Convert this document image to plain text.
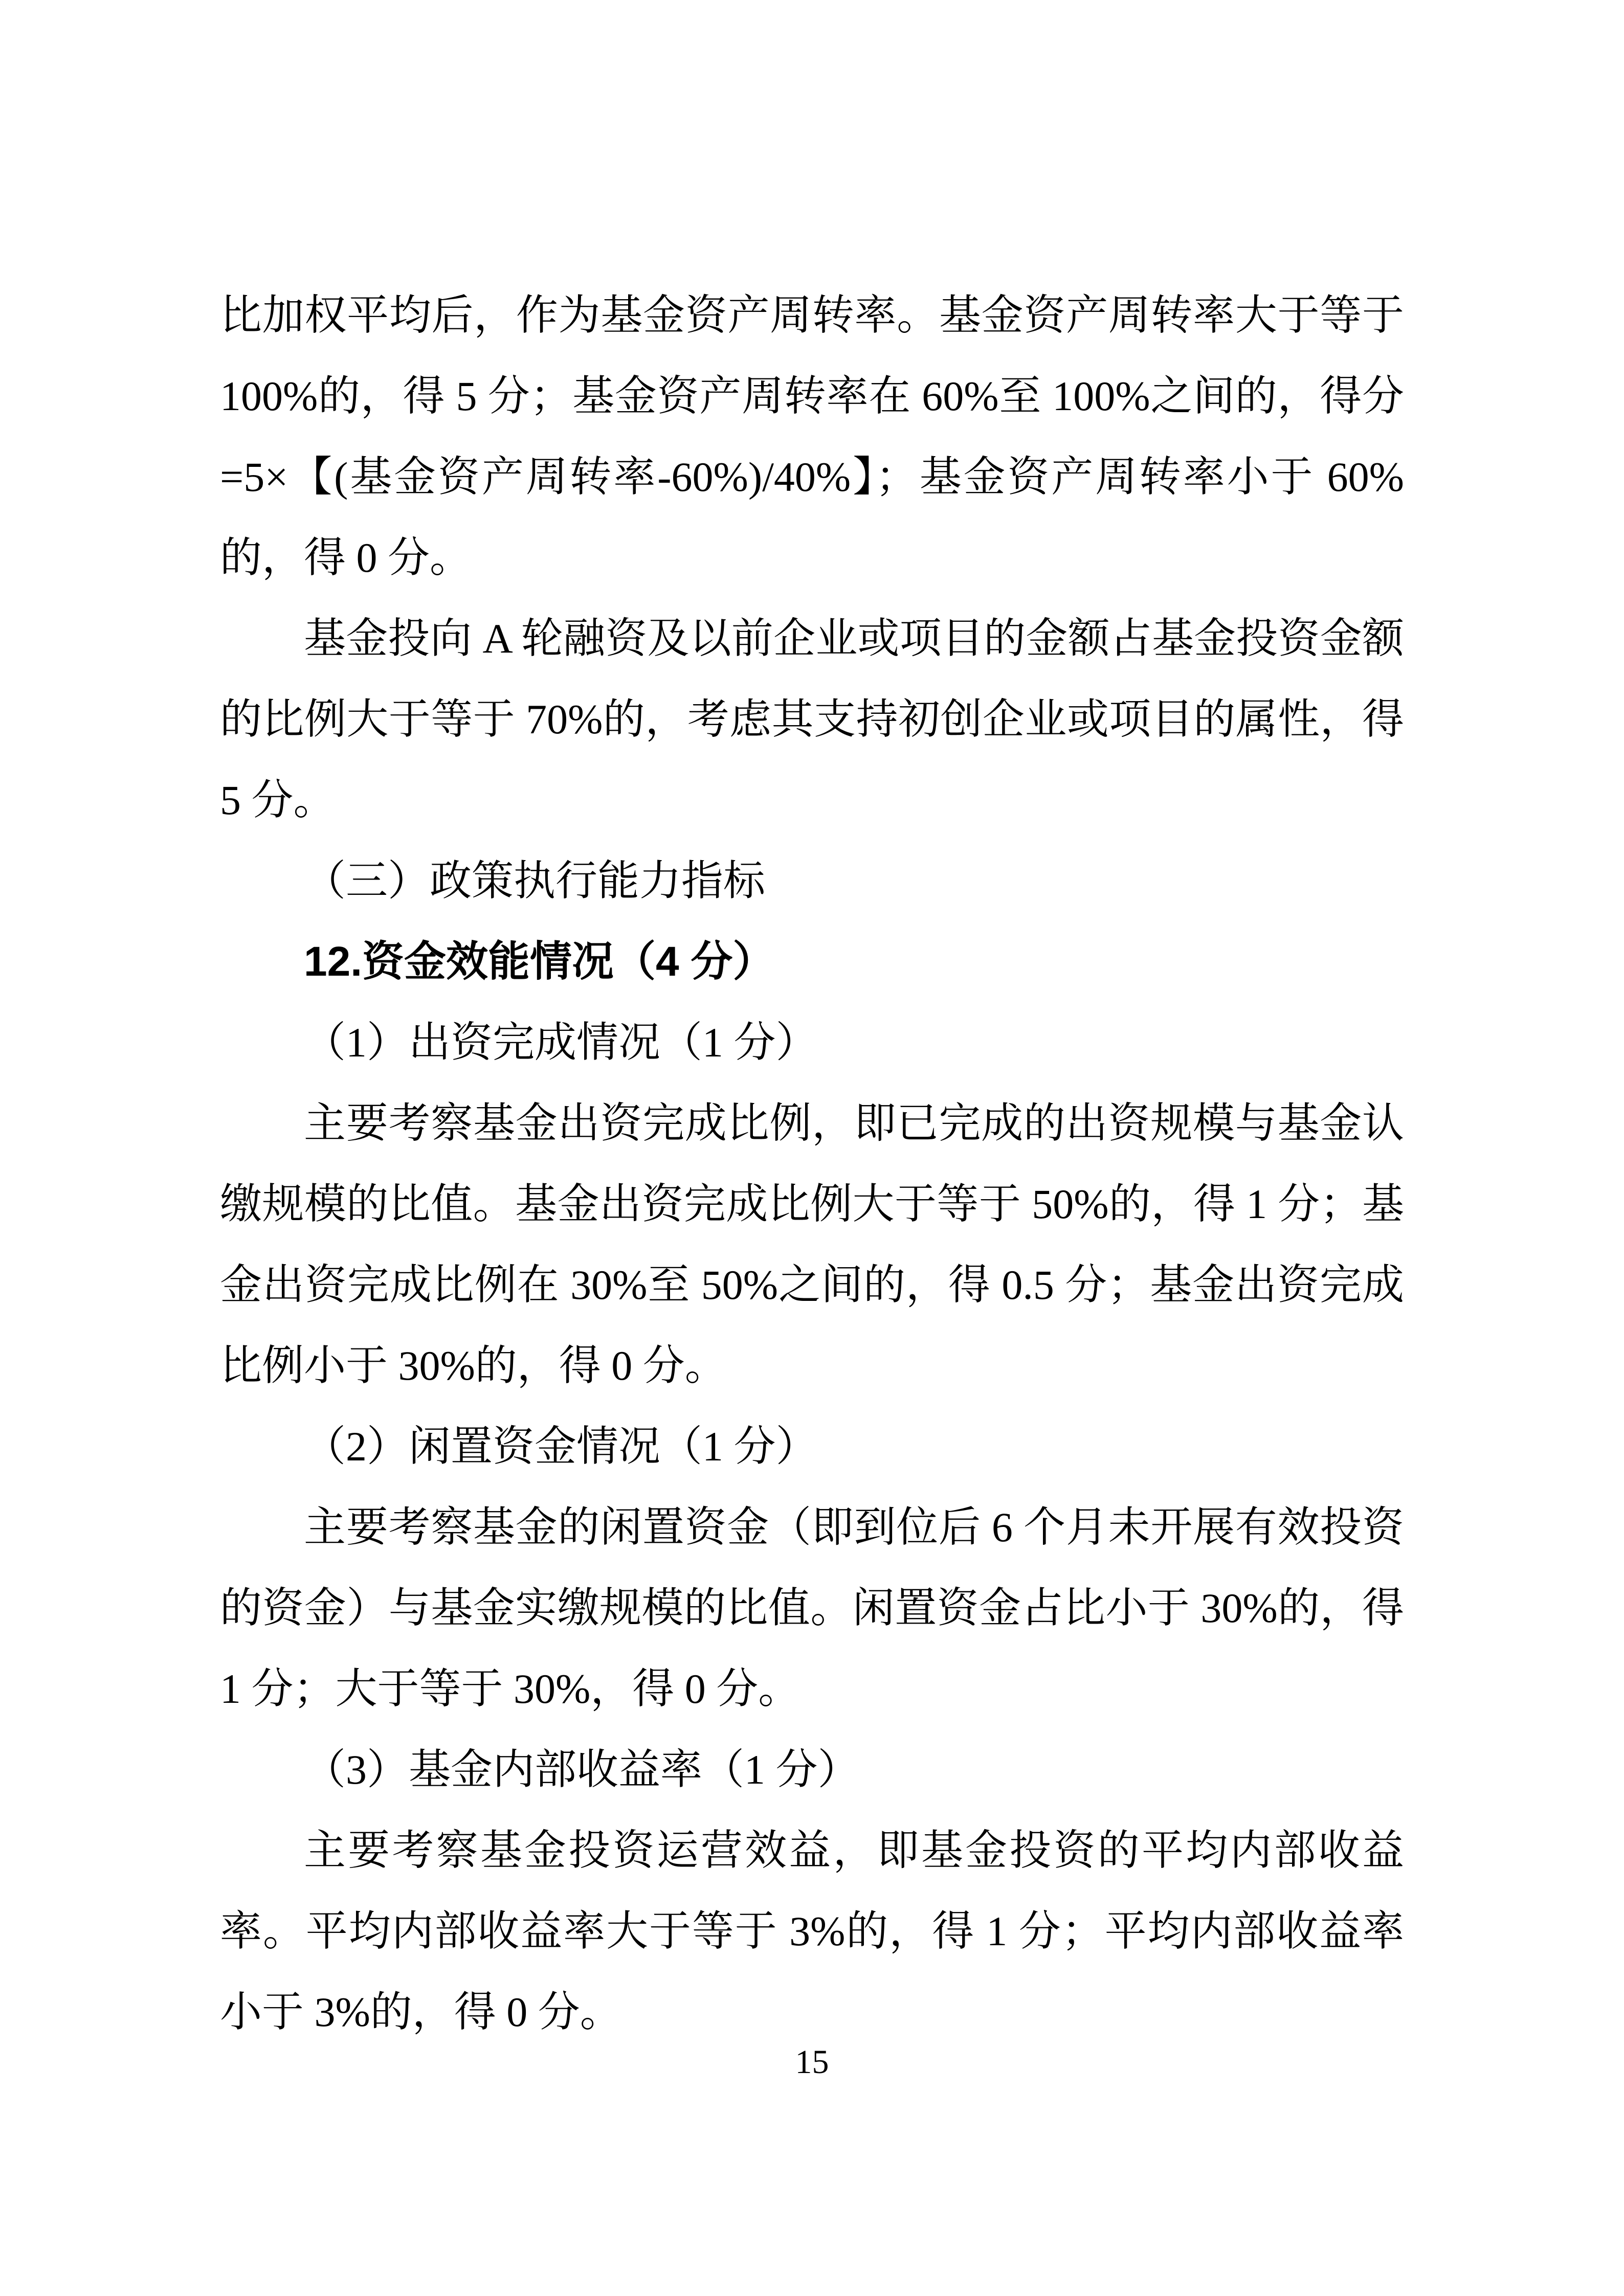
比加权平均后，作为基金资产周转率。基金资产周转率大于等于 100%的，得 5 分；基金资产周转率在 60%至 100%之间的，得分=5×【(基金资产周转率-60%)/40%】；基金资产周转率小于 60%的，得 0 分。

基金投向 A 轮融资及以前企业或项目的金额占基金投资金额的比例大于等于 70%的，考虑其支持初创企业或项目的属性，得 5 分。

（三）政策执行能力指标

12.资金效能情况（4 分）

（1）出资完成情况（1 分）

主要考察基金出资完成比例，即已完成的出资规模与基金认缴规模的比值。基金出资完成比例大于等于 50%的，得 1 分；基金出资完成比例在 30%至 50%之间的，得 0.5 分；基金出资完成比例小于 30%的，得 0 分。

（2）闲置资金情况（1 分）

主要考察基金的闲置资金（即到位后 6 个月未开展有效投资的资金）与基金实缴规模的比值。闲置资金占比小于 30%的，得 1 分；大于等于 30%，得 0 分。

（3）基金内部收益率（1 分）

主要考察基金投资运营效益，即基金投资的平均内部收益率。平均内部收益率大于等于 3%的，得 1 分；平均内部收益率小于 3%的，得 0 分。

15
